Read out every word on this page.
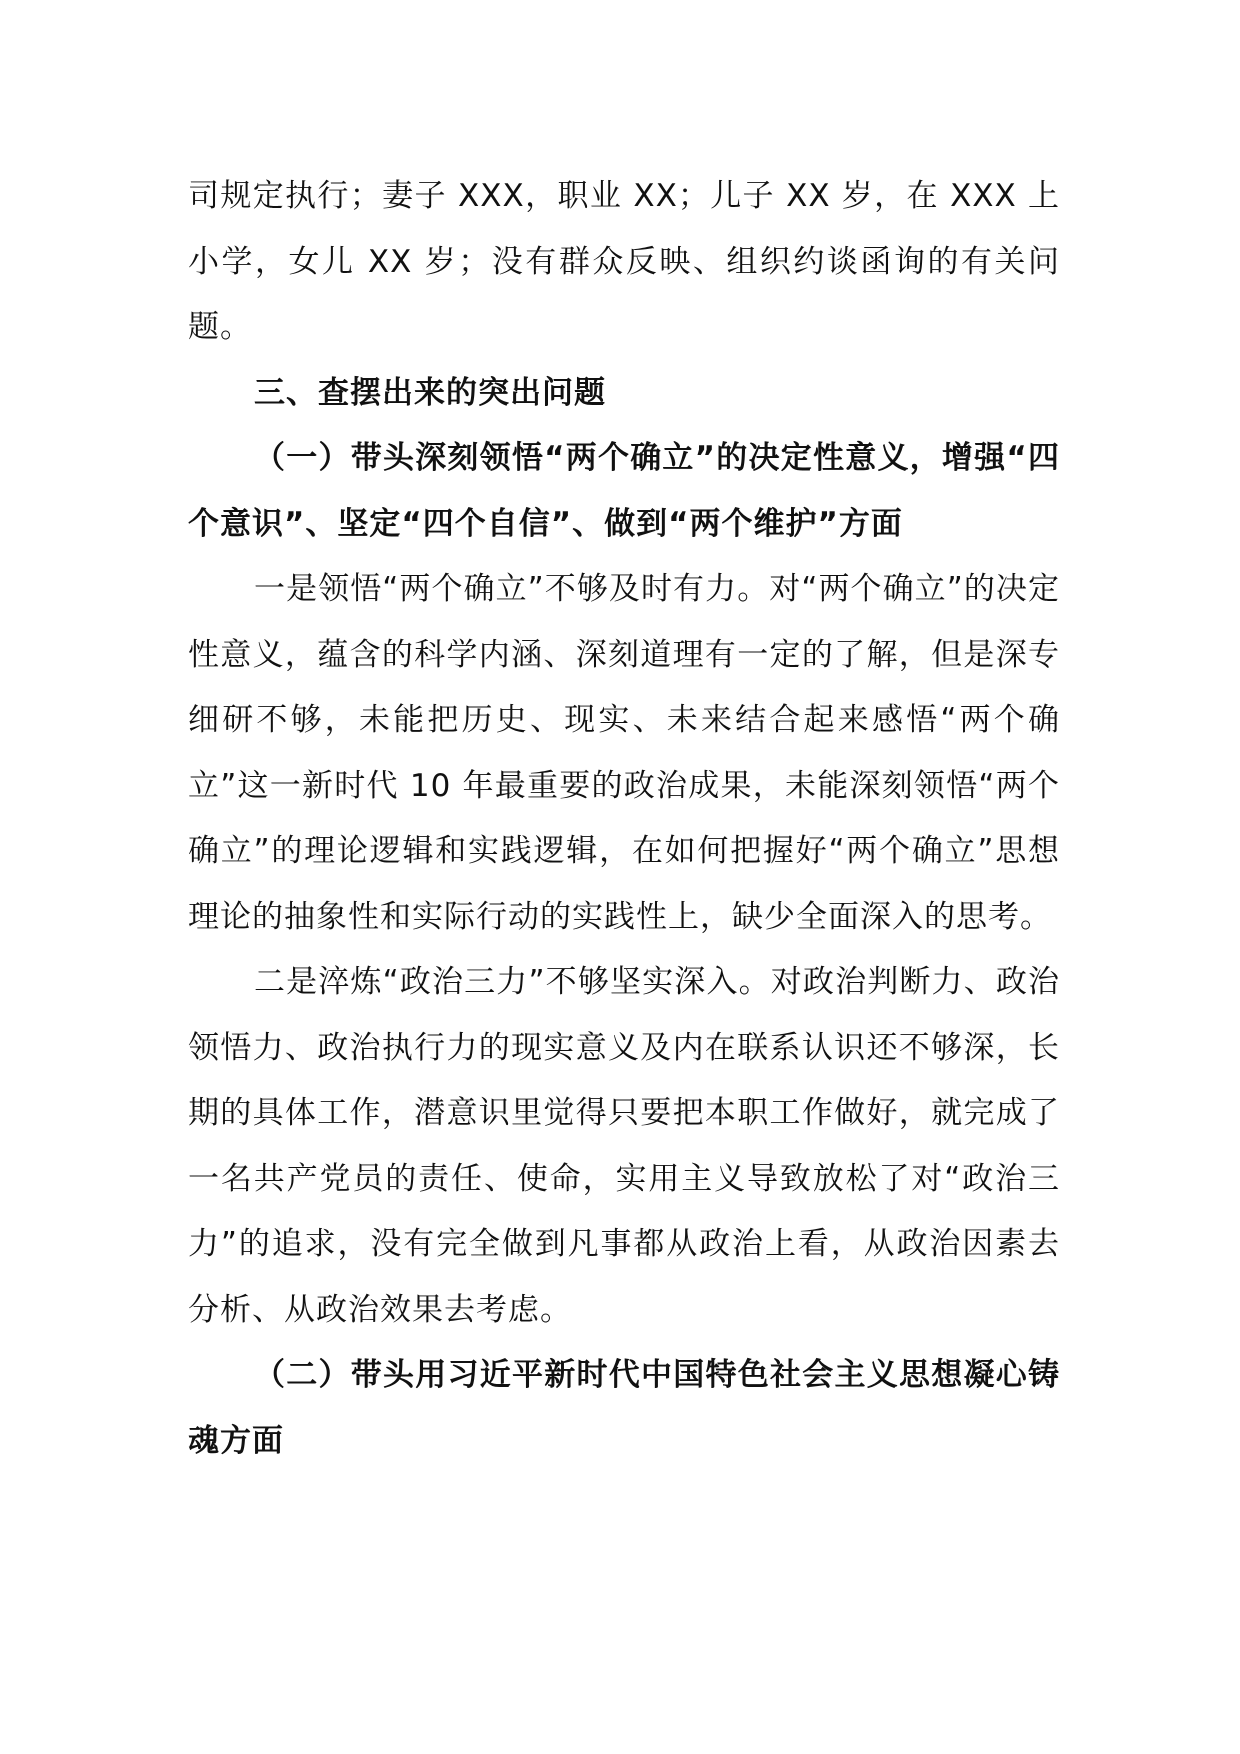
司规定执行；妻子 XXX，职业 XX；儿子 XX 岁，在 XXX 上小学，女儿 XX 岁；没有群众反映、组织约谈函询的有关问题。

三、查摆出来的突出问题

（一）带头深刻领悟“两个确立”的决定性意义，增强“四个意识”、坚定“四个自信”、做到“两个维护”方面

一是领悟“两个确立”不够及时有力。对“两个确立”的决定性意义，蕴含的科学内涵、深刻道理有一定的了解，但是深专细研不够，未能把历史、现实、未来结合起来感悟“两个确立”这一新时代 10 年最重要的政治成果，未能深刻领悟“两个确立”的理论逻辑和实践逻辑，在如何把握好“两个确立”思想理论的抽象性和实际行动的实践性上，缺少全面深入的思考。

二是淬炼“政治三力”不够坚实深入。对政治判断力、政治领悟力、政治执行力的现实意义及内在联系认识还不够深，长期的具体工作，潜意识里觉得只要把本职工作做好，就完成了一名共产党员的责任、使命，实用主义导致放松了对“政治三力”的追求，没有完全做到凡事都从政治上看，从政治因素去分析、从政治效果去考虑。

（二）带头用习近平新时代中国特色社会主义思想凝心铸魂方面
